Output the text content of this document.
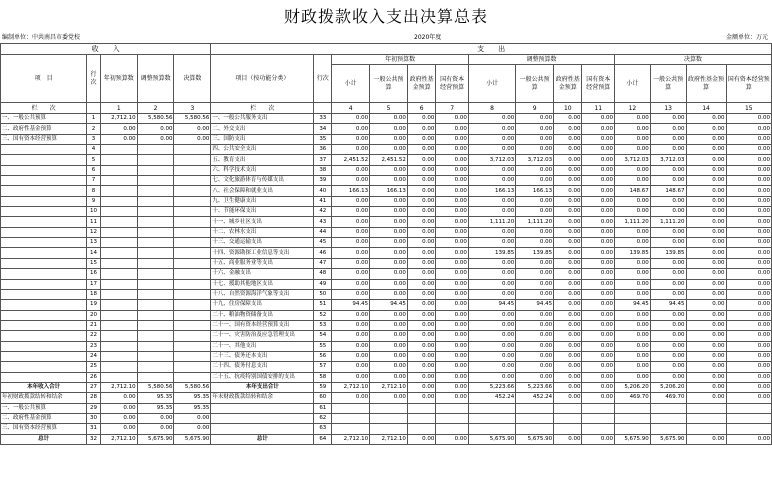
财政拨款收入支出决算总表
编制单位：中共南昌市委党校	2020年度	金额单位：万元
收　　入					支　　出													
项　目	行次	年初预算数	调整预算数	决算数	项目（按功能分类）	行次	年初预算数				调整预算数				决算数			
							小计	一般公共预算	政府性基金预算	国有资本经营预算	小计	一般公共预算	政府性基金预算	国有资本经营预算	小计	一般公共预算	政府性基金预算	国有资本经营预算
栏　　次		1	2	3	栏　　次		4	5	6	7	8	9	10	11	12	13	14	15
一、一般公共预算	1	2,712.10	5,580.56	5,580.56	一、一般公共服务支出	33	0.00	0.00	0.00	0.00	0.00	0.00	0.00	0.00	0.00	0.00	0.00	0.00
二、政府性基金预算	2	0.00	0.00	0.00	二、外交支出	34	0.00	0.00	0.00	0.00	0.00	0.00	0.00	0.00	0.00	0.00	0.00	0.00
三、国有资本经营预算	3	0.00	0.00	0.00	三、国防支出	35	0.00	0.00	0.00	0.00	0.00	0.00	0.00	0.00	0.00	0.00	0.00	0.00
	4				四、公共安全支出	36	0.00	0.00	0.00	0.00	0.00	0.00	0.00	0.00	0.00	0.00	0.00	0.00
	5				五、教育支出	37	2,451.52	2,451.52	0.00	0.00	3,712.03	3,712.03	0.00	0.00	3,712.03	3,712.03	0.00	0.00
	6				六、科学技术支出	38	0.00	0.00	0.00	0.00	0.00	0.00	0.00	0.00	0.00	0.00	0.00	0.00
	7				七、文化旅游体育与传媒支出	39	0.00	0.00	0.00	0.00	0.00	0.00	0.00	0.00	0.00	0.00	0.00	0.00
	8				八、社会保障和就业支出	40	166.13	166.13	0.00	0.00	166.13	166.13	0.00	0.00	148.67	148.67	0.00	0.00
	9				九、卫生健康支出	41	0.00	0.00	0.00	0.00	0.00	0.00	0.00	0.00	0.00	0.00	0.00	0.00
	10				十、节能环保支出	42	0.00	0.00	0.00	0.00	0.00	0.00	0.00	0.00	0.00	0.00	0.00	0.00
	11				十一、城乡社区支出	43	0.00	0.00	0.00	0.00	1,111.20	1,111.20	0.00	0.00	1,111.20	1,111.20	0.00	0.00
	12				十二、农林水支出	44	0.00	0.00	0.00	0.00	0.00	0.00	0.00	0.00	0.00	0.00	0.00	0.00
	13				十三、交通运输支出	45	0.00	0.00	0.00	0.00	0.00	0.00	0.00	0.00	0.00	0.00	0.00	0.00
	14				十四、资源勘探工业信息等支出	46	0.00	0.00	0.00	0.00	139.85	139.85	0.00	0.00	139.85	139.85	0.00	0.00
	15				十五、商业服务业等支出	47	0.00	0.00	0.00	0.00	0.00	0.00	0.00	0.00	0.00	0.00	0.00	0.00
	16				十六、金融支出	48	0.00	0.00	0.00	0.00	0.00	0.00	0.00	0.00	0.00	0.00	0.00	0.00
	17				十七、援助其他地区支出	49	0.00	0.00	0.00	0.00	0.00	0.00	0.00	0.00	0.00	0.00	0.00	0.00
	18				十八、自然资源海洋气象等支出	50	0.00	0.00	0.00	0.00	0.00	0.00	0.00	0.00	0.00	0.00	0.00	0.00
	19				十九、住房保障支出	51	94.45	94.45	0.00	0.00	94.45	94.45	0.00	0.00	94.45	94.45	0.00	0.00
	20				二十、粮油物资储备支出	52	0.00	0.00	0.00	0.00	0.00	0.00	0.00	0.00	0.00	0.00	0.00	0.00
	21				二十一、国有资本经营预算支出	53	0.00	0.00	0.00	0.00	0.00	0.00	0.00	0.00	0.00	0.00	0.00	0.00
	22				二十一、灾害防治及应急管理支出	54	0.00	0.00	0.00	0.00	0.00	0.00	0.00	0.00	0.00	0.00	0.00	0.00
	23				二十一、其他支出	55	0.00	0.00	0.00	0.00	0.00	0.00	0.00	0.00	0.00	0.00	0.00	0.00
	24				二十三、债务还本支出	56	0.00	0.00	0.00	0.00	0.00	0.00	0.00	0.00	0.00	0.00	0.00	0.00
	25				二十四、债务付息支出	57	0.00	0.00	0.00	0.00	0.00	0.00	0.00	0.00	0.00	0.00	0.00	0.00
	26				二十五、抗疫特别国债安排的支出	58	0.00	0.00	0.00	0.00	0.00	0.00	0.00	0.00	0.00	0.00	0.00	0.00
本年收入合计	27	2,712.10	5,580.56	5,580.56	本年支出合计	59	2,712.10	2,712.10	0.00	0.00	5,223.66	5,223.66	0.00	0.00	5,206.20	5,206.20	0.00	0.00
年初财政拨款结转和结余	28	0.00	95.35	95.35	年末财政拨款结转和结余	60	0.00	0.00	0.00	0.00	452.24	452.24	0.00	0.00	469.70	469.70	0.00	0.00
一、一般公共预算	29	0.00	95.35	95.35		61												
二、政府性基金预算	30	0.00	0.00	0.00		62												
三、国有资本经营预算	31	0.00	0.00	0.00		63												
总计	32	2,712.10	5,675.90	5,675.90	总计	64	2,712.10	2,712.10	0.00	0.00	5,675.90	5,675.90	0.00	0.00	5,675.90	5,675.90	0.00	0.00
